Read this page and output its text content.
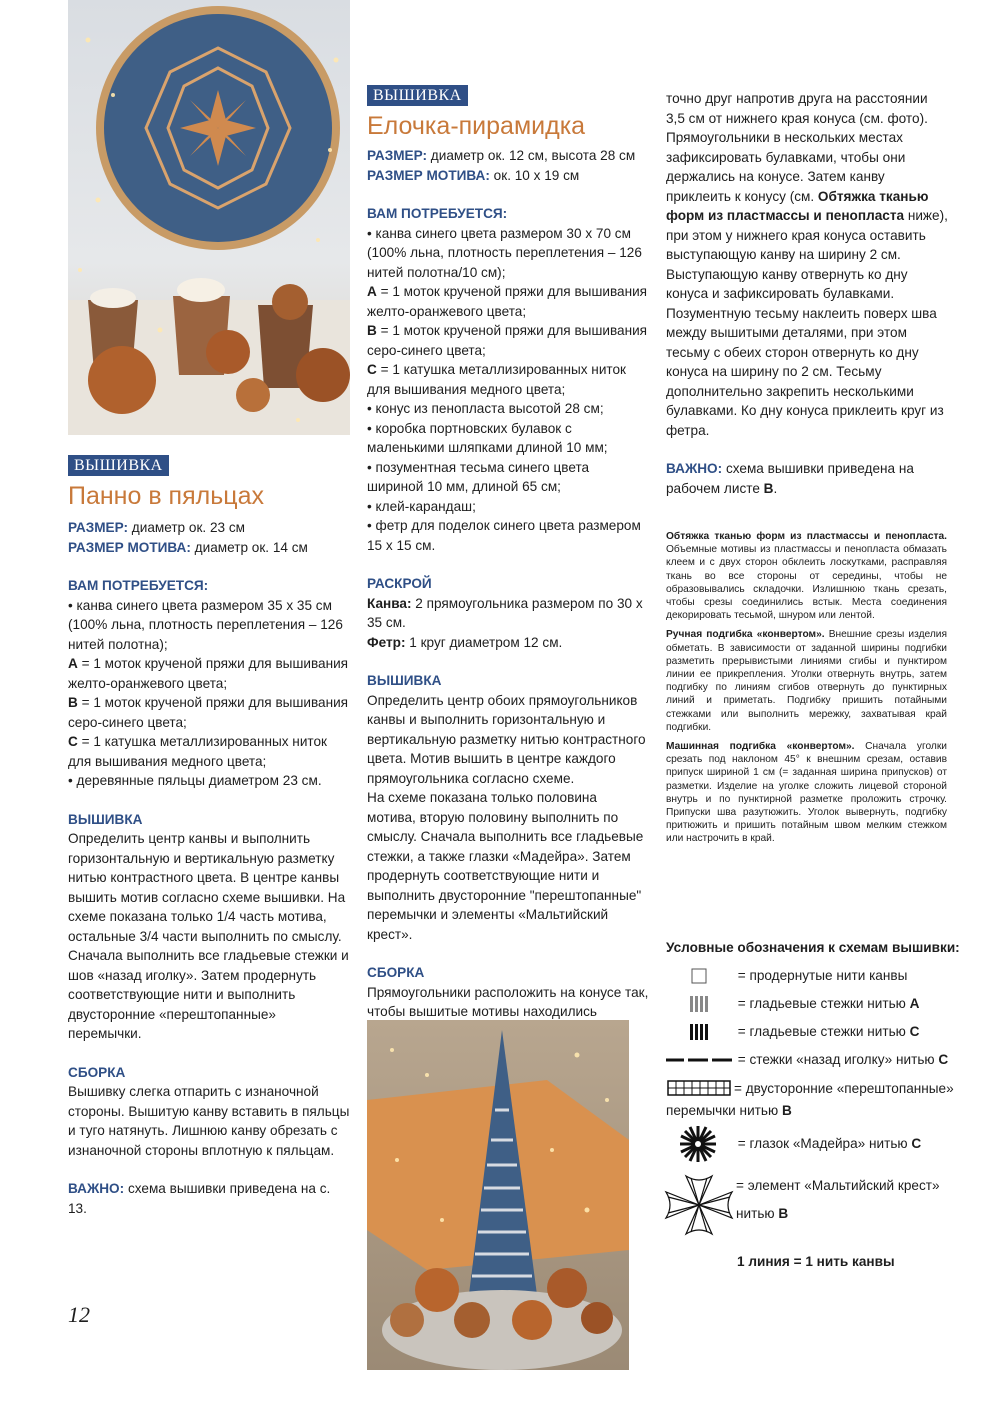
ВЫШИВКА
Панно в пяльцах

РАЗМЕР: диаметр ок. 23 см

РАЗМЕР МОТИВА: диаметр ок. 14 см

ВАМ ПОТРЕБУЕТСЯ:

• канва синего цвета размером 35 х 35 см (100% льна, плотность переплетения – 126 нитей полотна);
А = 1 моток крученой пряжи для вышивания желто-оранжевого цвета;
В = 1 моток крученой пряжи для вышивания серо-синего цвета;
С = 1 катушка металлизированных ниток для вышивания медного цвета;
• деревянные пяльцы диаметром 23 см.

ВЫШИВКА

Определить центр канвы и выполнить горизонтальную и вертикальную разметку нитью контрастного цвета. В центре канвы вышить мотив согласно схеме вышивки. На схеме показана только 1/4 часть мотива, остальные 3/4 части выполнить по смыслу. Сначала выполнить все гладьевые стежки и шов «назад иголку». Затем продернуть соответствующие нити и выполнить двусторонние «перештопанные» перемычки.

СБОРКА

Вышивку слегка отпарить с изнаночной стороны. Вышитую канву вставить в пяльцы и туго натянуть. Лишнюю канву обрезать с изнаночной стороны вплотную к пяльцам.

ВАЖНО: схема вышивки приведена на с. 13.

12
ВЫШИВКА
Елочка-пирамидка

РАЗМЕР: диаметр ок. 12 см, высота 28 см

РАЗМЕР МОТИВА: ок. 10 х 19 см

ВАМ ПОТРЕБУЕТСЯ:

• канва синего цвета размером 30 х 70 см (100% льна, плотность переплетения – 126 нитей полотна/10 см);
А = 1 моток крученой пряжи для вышивания желто-оранжевого цвета;
В = 1 моток крученой пряжи для вышивания серо-синего цвета;
С = 1 катушка металлизированных ниток для вышивания медного цвета;
• конус из пенопласта высотой 28 см;
• коробка портновских булавок с маленькими шляпками длиной 10 мм;
• позументная тесьма синего цвета шириной 10 мм, длиной 65 см;
• клей-карандаш;
• фетр для поделок синего цвета размером 15 х 15 см.

РАСКРОЙ

Канва: 2 прямоугольника размером по 30 х 35 см.

Фетр: 1 круг диаметром 12 см.

ВЫШИВКА

Определить центр обоих прямоугольников канвы и выполнить горизонтальную и вертикальную разметку нитью контрастного цвета. Мотив вышить в центре каждого прямоугольника согласно схеме.

На схеме показана только половина мотива, вторую половину выполнить по смыслу. Сначала выполнить все гладьевые стежки, а также глазки «Мадейра». Затем продернуть соответствующие нити и выполнить двусторонние "перештопанные" перемычки и элементы «Мальтийский крест».

СБОРКА

Прямоугольники расположить на конусе так, чтобы вышитые мотивы находились

точно друг напротив друга на расстоянии 3,5 см от нижнего края конуса (см. фото). Прямоугольники в нескольких местах зафиксировать булавками, чтобы они держались на конусе. Затем канву приклеить к конусу (см. Обтяжка тканью форм из пластмассы и пенопласта ниже), при этом у нижнего края конуса оставить выступающую канву на ширину 2 см. Выступающую канву отвернуть ко дну конуса и зафиксировать булавками. Позументную тесьму наклеить поверх шва между вышитыми деталями, при этом тесьму с обеих сторон отвернуть ко дну конуса на ширину по 2 см. Тесьму дополнительно закрепить несколькими булавками. Ко дну конуса приклеить круг из фетра.

ВАЖНО: схема вышивки приведена на рабочем листе В.

Обтяжка тканью форм из пластмассы и пенопласта. Объемные мотивы из пластмассы и пенопласта обмазать клеем и с двух сторон обклеить лоскутками, расправляя ткань во все стороны от середины, чтобы не образовывались складочки. Излишнюю ткань срезать, чтобы срезы соединились встык. Места соединения декорировать тесьмой, шнуром или лентой.

Ручная подгибка «конвертом». Внешние срезы изделия обметать. В зависимости от заданной ширины подгибки разметить прерывистыми линиями сгибы и пунктиром линии ее прикрепления. Уголки отвернуть внутрь, затем подгибку по линиям сгибов отвернуть до пунктирных линий и приметать. Подгибку пришить потайными стежками или выполнить мережку, захватывая край подгибки.

Машинная подгибка «конвертом». Сначала уголки срезать под наклоном 45° к внешним срезам, оставив припуск шириной 1 см (= заданная ширина припусков) от разметки. Изделие на уголке сложить лицевой стороной внутрь и по пунктирной разметке проложить строчку. Припуски шва разутюжить. Уголок вывернуть, подгибку притюжить и пришить потайным швом мелким стежком или настрочить в край.

Условные обозначения к схемам вышивки:
= продернутые нити канвы
= гладьевые стежки нитью А
= гладьевые стежки нитью С
= стежки «назад иголку» нитью С
= двусторонние «перештопанные» перемычки нитью В
= глазок «Мадейра» нитью С
= элемент «Мальтийский крест» нитью В
1 линия = 1 нить канвы
